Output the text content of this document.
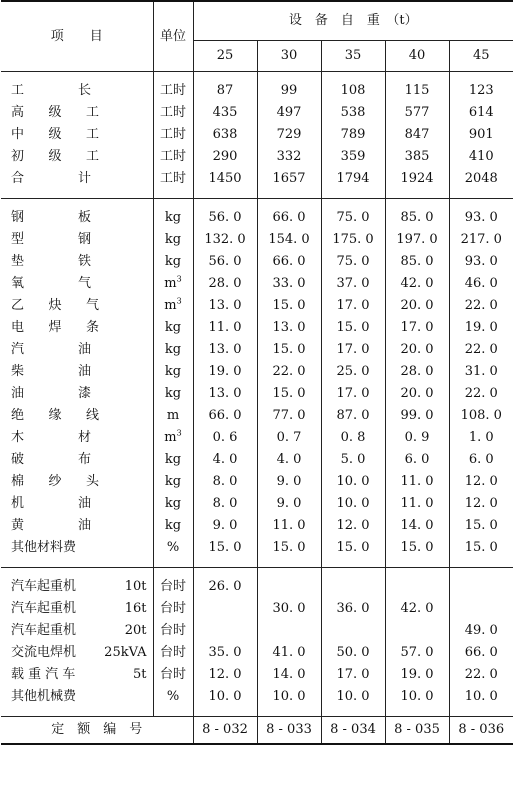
项　　目	单位	设　备　自　重　（t）				
		25	30	35	40	45

工 长	工时	87	99	108	115	123

高 级 工	工时	435	497	538	577	614

中 级 工	工时	638	729	789	847	901

初 级 工	工时	290	332	359	385	410

合 计	工时	1450	1657	1794	1924	2048

钢 板	kg	56. 0	66. 0	75. 0	85. 0	93. 0

型 钢	kg	132. 0	154. 0	175. 0	197. 0	217. 0

垫 铁	kg	56. 0	66. 0	75. 0	85. 0	93. 0

氧 气	$m^3$	28. 0	33. 0	37. 0	42. 0	46. 0

乙 炔 气	$m^3$	13. 0	15. 0	17. 0	20. 0	22. 0

电 焊 条	kg	11. 0	13. 0	15. 0	17. 0	19. 0

汽 油	kg	13. 0	15. 0	17. 0	20. 0	22. 0

柴 油	kg	19. 0	22. 0	25. 0	28. 0	31. 0

油 漆	kg	13. 0	15. 0	17. 0	20. 0	22. 0

绝 缘 线	m	66. 0	77. 0	87. 0	99. 0	108. 0

木 材	$m^3$	0. 6	0. 7	0. 8	0. 9	1. 0

破 布	kg	4. 0	4. 0	5. 0	6. 0	6. 0

棉 纱 头	kg	8. 0	9. 0	10. 0	11. 0	12. 0

机 油	kg	8. 0	9. 0	10. 0	11. 0	12. 0

黄 油	kg	9. 0	11. 0	12. 0	14. 0	15. 0

其他材料费	%	15. 0	15. 0	15. 0	15. 0	15. 0

汽车起重机 10t	台时	26. 0				

汽车起重机 16t	台时		30. 0	36. 0	42. 0	

汽车起重机 20t	台时					49. 0

交流电焊机 25kVA	台时	35. 0	41. 0	50. 0	57. 0	66. 0

载 重 汽 车 5t	台时	12. 0	14. 0	17. 0	19. 0	22. 0

其他机械费	%	10. 0	10. 0	10. 0	10. 0	10. 0

定　额　编　号		8 - 032	8 - 033	8 - 034	8 - 035	8 - 036
